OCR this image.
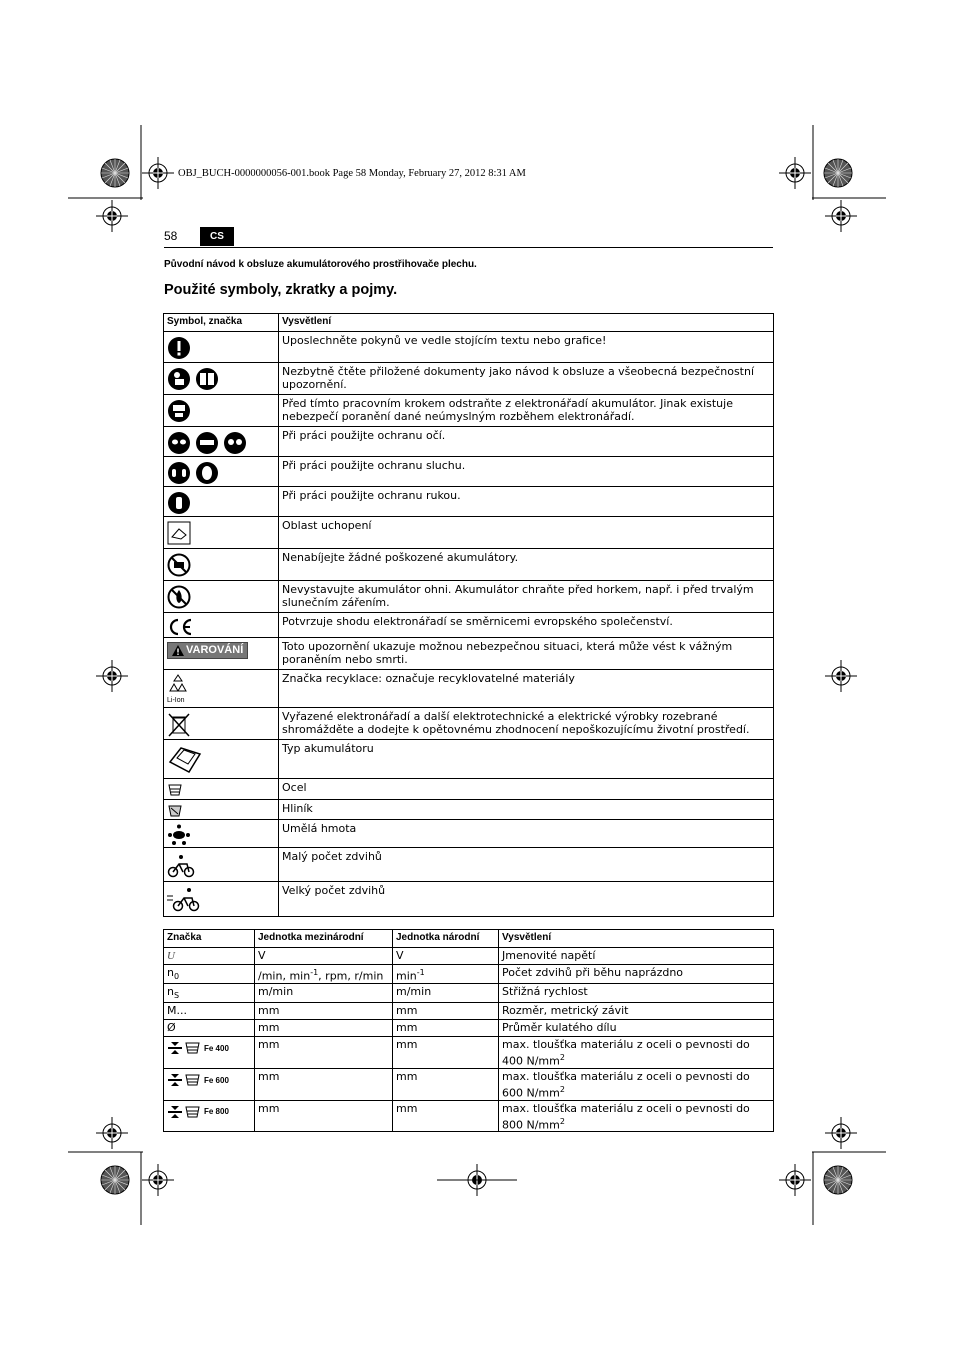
OBJ_BUCH-0000000056-001.book Page 58 Monday, February 27, 2012 8:31 AM
58	CS
Původní návod k obsluze akumulátorového prostřihovače plechu.
Použité symboly, zkratky a pojmy.
Symbol, značka	Vysvětlení

	Uposlechněte pokynů ve vedle stojícím textu nebo grafice!

	Nezbytně čtěte přiložené dokumenty jako návod k obsluze a všeobecná bezpečnostní upozornění.

	Před tímto pracovním krokem odstraňte z elektronářadí akumulátor. Jinak existuje nebezpečí poranění dané neúmyslným rozběhem elektronářadí.

	Při práci použijte ochranu očí.

	Při práci použijte ochranu sluchu.

	Při práci použijte ochranu rukou.

	Oblast uchopení

	Nenabíjejte žádné poškozené akumulátory.

	Nevystavujte akumulátor ohni. Akumulátor chraňte před horkem, např. i před trvalým slunečním zářením.

	Potvrzuje shodu elektronářadí se směrnicemi evropského společenství.

VAROVÁNÍ	Toto upozornění ukazuje možnou nebezpečnou situaci, která může vést k vážným poraněním nebo smrti.

Li-Ion	Značka recyklace: označuje recyklovatelné materiály

	Vyřazené elektronářadí a další elektrotechnické a elektrické výrobky rozebrané shromážděte a dodejte k opětovnému zhodnocení nepoškozujícímu životní prostředí.

	Typ akumulátoru

	Ocel

	Hliník

	Umělá hmota

	Malý počet zdvihů

	Velký počet zdvihů
Značka	Jednotka mezinárodní	Jednotka národní	Vysvětlení
U	V	V	Jmenovité napětí
$n_0$	/min, $\min^{-1}$, rpm, r/min	$\min^{-1}$	Počet zdvihů při běhu naprázdno
$n_S$	m/min	m/min	Střižná rychlost
M...	mm	mm	Rozměr, metrický závit
Ø	mm	mm	Průměr kulatého dílu

Fe 400	mm	mm	max. tloušťka materiálu z oceli o pevnosti do
400 $N/mm^2$

Fe 600	mm	mm	max. tloušťka materiálu z oceli o pevnosti do
600 $N/mm^2$

Fe 800	mm	mm	max. tloušťka materiálu z oceli o pevnosti do
800 $N/mm^2$
